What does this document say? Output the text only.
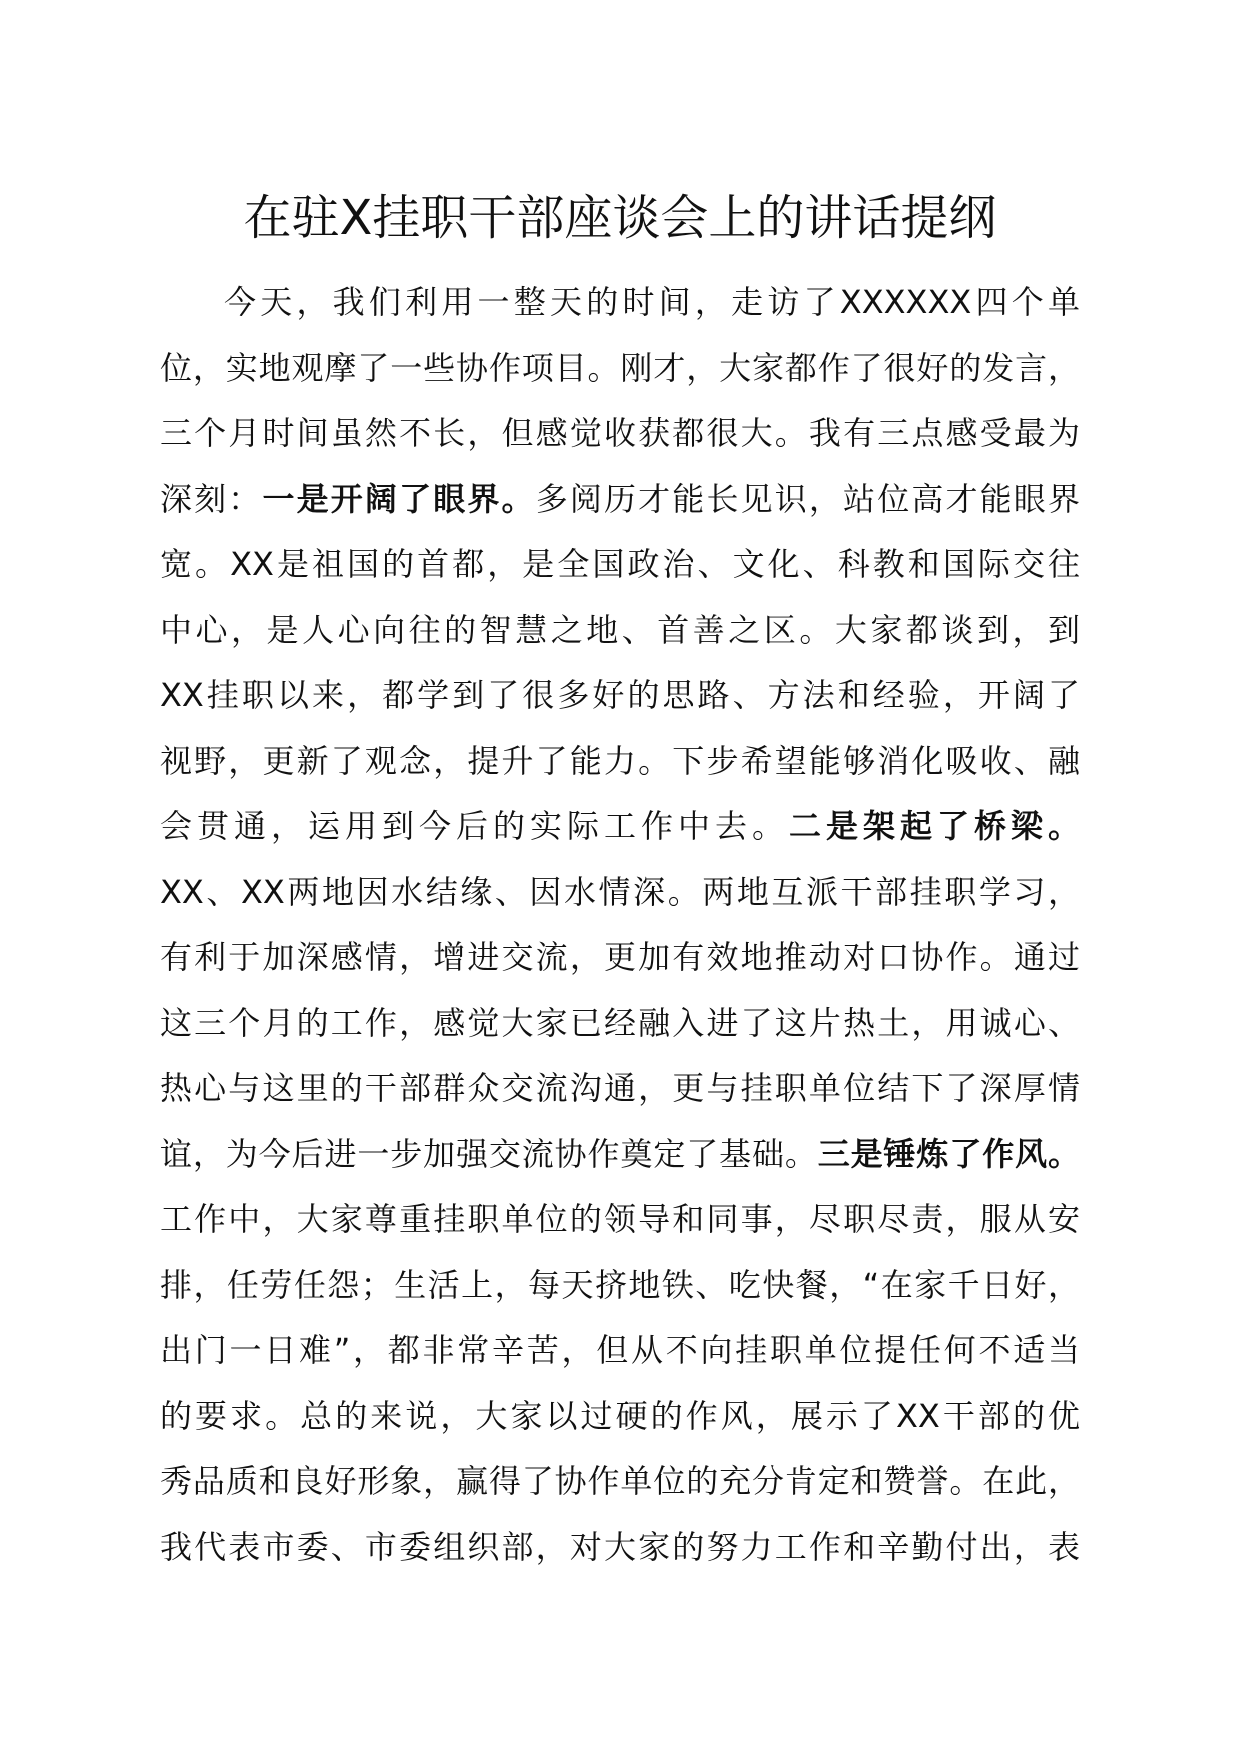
在驻X挂职干部座谈会上的讲话提纲
今天，我们利用一整天的时间，走访了XXXXXX四个单
位，实地观摩了一些协作项目。刚才，大家都作了很好的发言，
三个月时间虽然不长，但感觉收获都很大。我有三点感受最为
深刻：一是开阔了眼界。多阅历才能长见识，站位高才能眼界
宽。XX是祖国的首都，是全国政治、文化、科教和国际交往
中心，是人心向往的智慧之地、首善之区。大家都谈到，到
XX挂职以来，都学到了很多好的思路、方法和经验，开阔了
视野，更新了观念，提升了能力。下步希望能够消化吸收、融
会贯通，运用到今后的实际工作中去。二是架起了桥梁。
XX、XX两地因水结缘、因水情深。两地互派干部挂职学习，
有利于加深感情，增进交流，更加有效地推动对口协作。通过
这三个月的工作，感觉大家已经融入进了这片热土，用诚心、
热心与这里的干部群众交流沟通，更与挂职单位结下了深厚情
谊，为今后进一步加强交流协作奠定了基础。三是锤炼了作风。
工作中，大家尊重挂职单位的领导和同事，尽职尽责，服从安
排，任劳任怨；生活上，每天挤地铁、吃快餐，“在家千日好，
出门一日难”，都非常辛苦，但从不向挂职单位提任何不适当
的要求。总的来说，大家以过硬的作风，展示了XX干部的优
秀品质和良好形象，赢得了协作单位的充分肯定和赞誉。在此，
我代表市委、市委组织部，对大家的努力工作和辛勤付出，表
